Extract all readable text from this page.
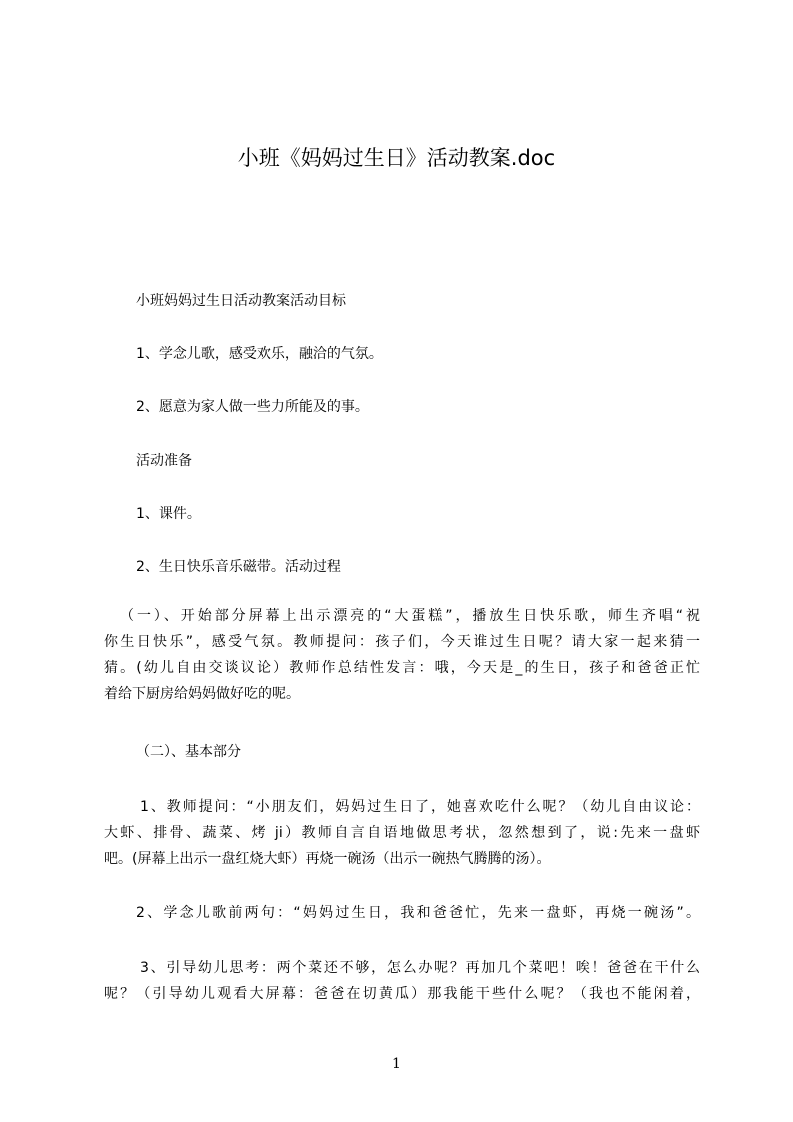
小班《妈妈过生日》活动教案.doc
小班妈妈过生日活动教案活动目标
1、学念儿歌，感受欢乐，融洽的气氛。
2、愿意为家人做一些力所能及的事。
活动准备
1、课件。
2、生日快乐音乐磁带。活动过程
（一）、开始部分屏幕上出示漂亮的“大蛋糕”，播放生日快乐歌，师生齐唱“祝
你生日快乐”，感受气氛。教师提问：孩子们，今天谁过生日呢？请大家一起来猜一
猜。(幼儿自由交谈议论）教师作总结性发言：哦，今天是_的生日，孩子和爸爸正忙
着给下厨房给妈妈做好吃的呢。
（二）、基本部分
1、教师提问：“小朋友们，妈妈过生日了，她喜欢吃什么呢？（幼儿自由议论：
大虾、排骨、蔬菜、烤 ji）教师自言自语地做思考状，忽然想到了，说:先来一盘虾
吧。(屏幕上出示一盘红烧大虾）再烧一碗汤（出示一碗热气腾腾的汤）。
2、学念儿歌前两句：“妈妈过生日，我和爸爸忙，先来一盘虾，再烧一碗汤”。
3、引导幼儿思考：两个菜还不够，怎么办呢？再加几个菜吧！唉！爸爸在干什么
呢？（引导幼儿观看大屏幕：爸爸在切黄瓜）那我能干些什么呢？（我也不能闲着，
1
